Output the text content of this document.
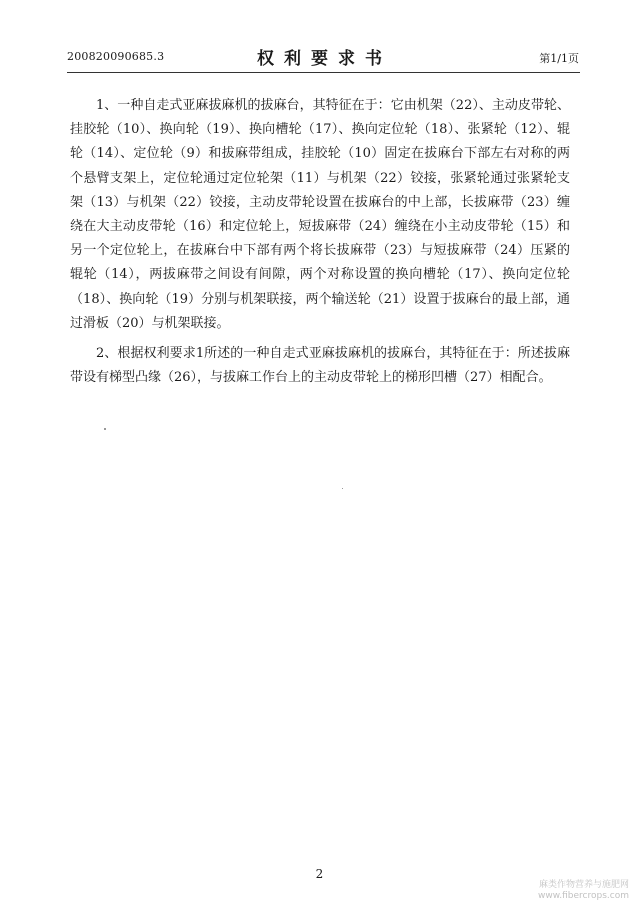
200820090685.3	权利要求书	第1/1页

1、一种自走式亚麻拔麻机的拔麻台，其特征在于：它由机架（22）、主动皮带轮、挂胶轮（10）、换向轮（19）、换向槽轮（17）、换向定位轮（18）、张紧轮（12）、辊轮（14）、定位轮（9）和拔麻带组成，挂胶轮（10）固定在拔麻台下部左右对称的两个悬臂支架上，定位轮通过定位轮架（11）与机架（22）铰接，张紧轮通过张紧轮支架（13）与机架（22）铰接，主动皮带轮设置在拔麻台的中上部，长拔麻带（23）缠绕在大主动皮带轮（16）和定位轮上，短拔麻带（24）缠绕在小主动皮带轮（15）和另一个定位轮上，在拔麻台中下部有两个将长拔麻带（23）与短拔麻带（24）压紧的辊轮（14），两拔麻带之间设有间隙，两个对称设置的换向槽轮（17）、换向定位轮（18）、换向轮（19）分别与机架联接，两个输送轮（21）设置于拔麻台的最上部，通过滑板（20）与机架联接。

2、根据权利要求1所述的一种自走式亚麻拔麻机的拔麻台，其特征在于：所述拔麻带设有梯型凸缘（26），与拔麻工作台上的主动皮带轮上的梯形凹槽（27）相配合。

2
麻类作物营养与施肥网
www.fibercrops.com
